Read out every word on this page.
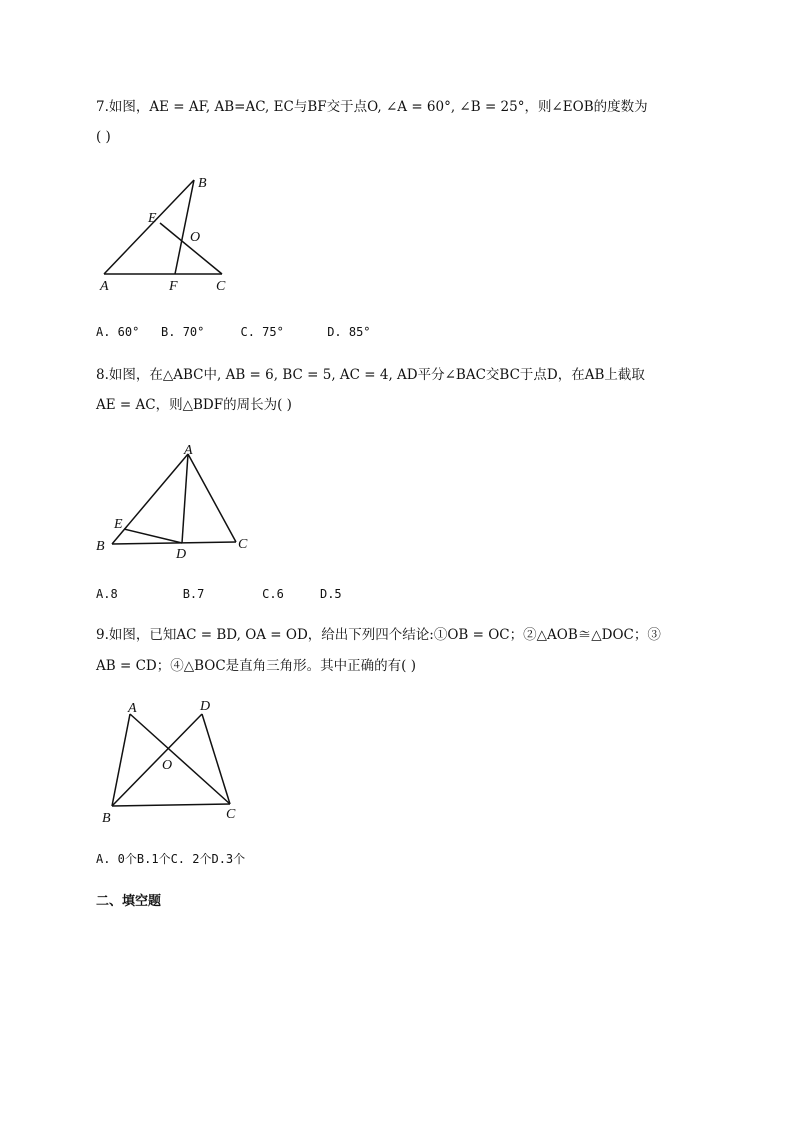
7.如图，AE = AF, AB=AC, EC与BF交于点O, ∠A = 60°, ∠B = 25°，则∠EOB的度数为
( )
B
E
O
A	F	C
A. 60°   B. 70°     C. 75°      D. 85°
8.如图，在△ABC中, AB = 6, BC = 5, AC = 4, AD平分∠BAC交BC于点D，在AB上截取
AE = AC，则△BDF的周长为( )
A
E
B
D
C
A.8         B.7        C.6     D.5
9.如图，已知AC = BD, OA = OD，给出下列四个结论:①OB = OC；②△AOB≅△DOC；③
AB = CD；④△BOC是直角三角形。其中正确的有( )
A	D
O
B	C
A. 0个B.1个C. 2个D.3个
二、填空题
